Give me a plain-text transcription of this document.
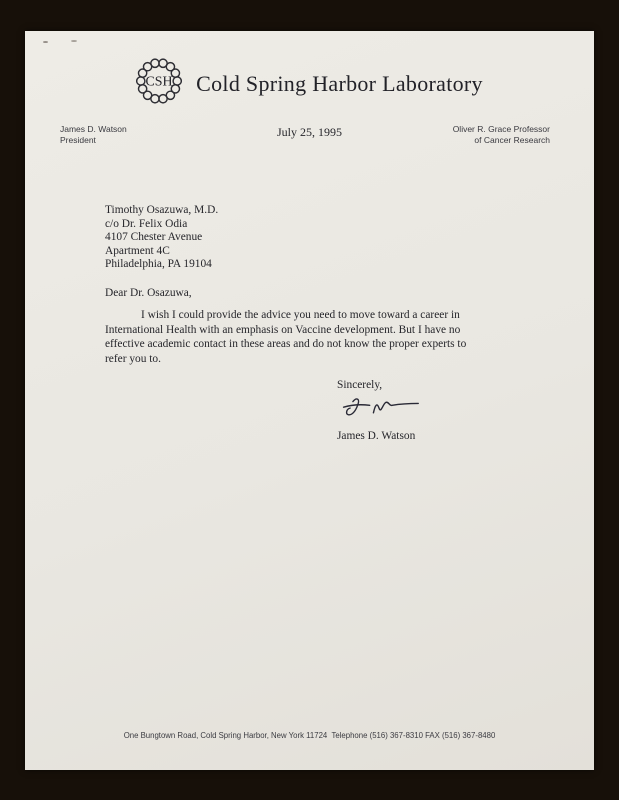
CSH Cold Spring Harbor Laboratory
James D. Watson
President
July 25, 1995	Oliver R. Grace Professor
of Cancer Research
Timothy Osazuwa, M.D.
c/o Dr. Felix Odia
4107 Chester Avenue
Apartment 4C
Philadelphia, PA 19104
Dear Dr. Osazuwa,
I wish I could provide the advice you need to move toward a career in
International Health with an emphasis on Vaccine development. But I have no
effective academic contact in these areas and do not know the proper experts to
refer you to.
Sincerely,
James D. Watson
One Bungtown Road, Cold Spring Harbor, New York 11724  Telephone (516) 367-8310 FAX (516) 367-8480
